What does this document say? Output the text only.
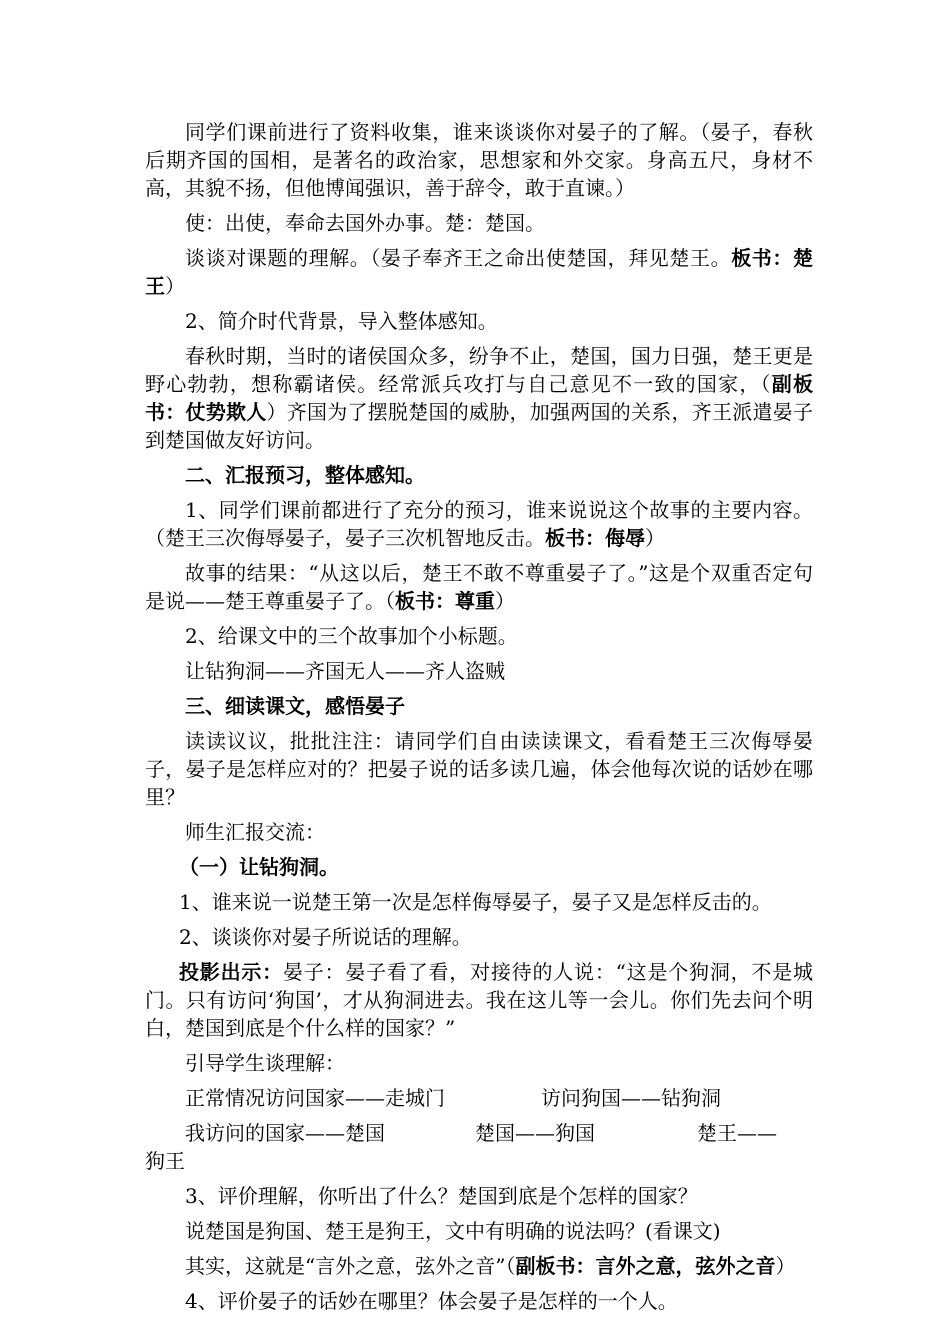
同学们课前进行了资料收集，谁来谈谈你对晏子的了解。（晏子，春秋后期齐国的国相，是著名的政治家，思想家和外交家。身高五尺，身材不高，其貌不扬，但他博闻强识，善于辞令，敢于直谏。）

使：出使，奉命去国外办事。楚：楚国。

谈谈对课题的理解。（晏子奉齐王之命出使楚国，拜见楚王。板书：楚王）

2、简介时代背景，导入整体感知。

春秋时期，当时的诸侯国众多，纷争不止，楚国，国力日强，楚王更是野心勃勃，想称霸诸侯。经常派兵攻打与自己意见不一致的国家，（副板书：仗势欺人）齐国为了摆脱楚国的威胁，加强两国的关系，齐王派遣晏子到楚国做友好访问。

二、汇报预习，整体感知。

1、同学们课前都进行了充分的预习，谁来说说这个故事的主要内容。（楚王三次侮辱晏子，晏子三次机智地反击。板书：侮辱）

故事的结果：“从这以后，楚王不敢不尊重晏子了。”这是个双重否定句是说——楚王尊重晏子了。（板书：尊重）

2、给课文中的三个故事加个小标题。

让钻狗洞——齐国无人——齐人盗贼

三、细读课文，感悟晏子

读读议议，批批注注：请同学们自由读读课文，看看楚王三次侮辱晏子，晏子是怎样应对的？把晏子说的话多读几遍，体会他每次说的话妙在哪里？

师生汇报交流：

（一）让钻狗洞。

1、谁来说一说楚王第一次是怎样侮辱晏子，晏子又是怎样反击的。

2、谈谈你对晏子所说话的理解。

投影出示：晏子：晏子看了看，对接待的人说：“这是个狗洞，不是城门。只有访问‘狗国’，才从狗洞进去。我在这儿等一会儿。你们先去问个明白，楚国到底是个什么样的国家？”

引导学生谈理解：

正常情况访问国家——走城门	访问狗国——钻狗洞
我访问的国家——楚国	楚国——狗国	楚王——

狗王

3、评价理解，你听出了什么？楚国到底是个怎样的国家？

说楚国是狗国、楚王是狗王，文中有明确的说法吗？(看课文)

其实，这就是“言外之意，弦外之音”（副板书：言外之意，弦外之音）

4、评价晏子的话妙在哪里？体会晏子是怎样的一个人。
